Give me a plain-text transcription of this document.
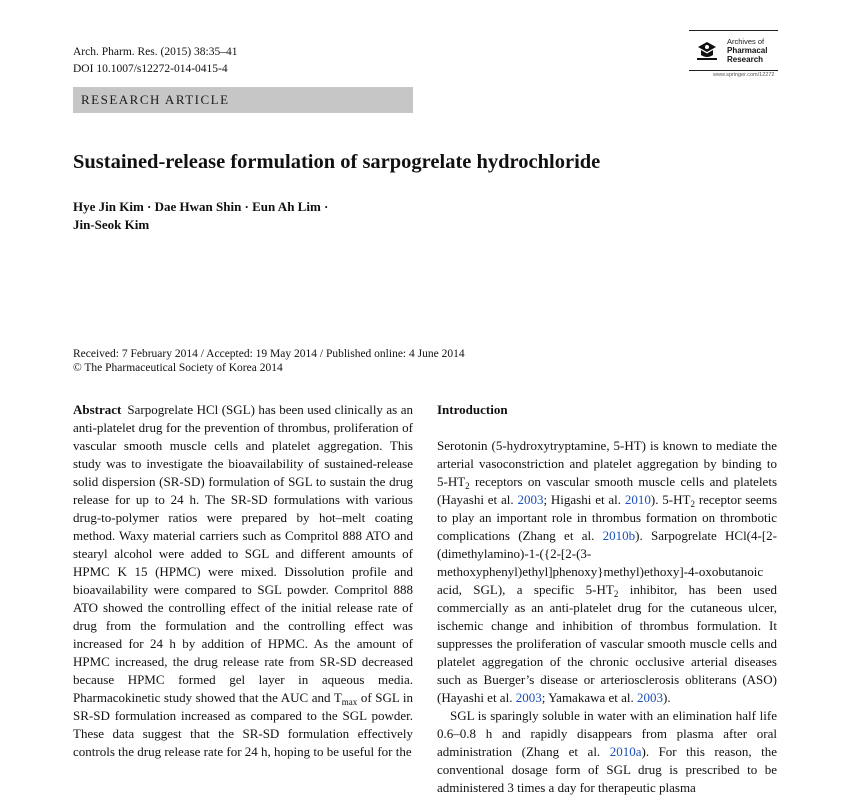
Arch. Pharm. Res. (2015) 38:35–41
DOI 10.1007/s12272-014-0415-4
Archives of
Pharmacal
Research
www.springer.com/12272
RESEARCH ARTICLE
Sustained-release formulation of sarpogrelate hydrochloride
Hye Jin Kim · Dae Hwan Shin · Eun Ah Lim ·
Jin-Seok Kim
Received: 7 February 2014 / Accepted: 19 May 2014 / Published online: 4 June 2014
© The Pharmaceutical Society of Korea 2014

Abstract Sarpogrelate HCl (SGL) has been used clinically as an anti-platelet drug for the prevention of thrombus, proliferation of vascular smooth muscle cells and platelet aggregation. This study was to investigate the bioavailability of sustained-release solid dispersion (SR-SD) formulation of SGL to sustain the drug release for up to 24 h. The SR-SD formulations with various drug-to-polymer ratios were prepared by hot–melt coating method. Waxy material carriers such as Compritol 888 ATO and stearyl alcohol were added to SGL and different amounts of HPMC K 15 (HPMC) were mixed. Dissolution profile and bioavailability were compared to SGL powder. Compritol 888 ATO showed the controlling effect of the initial release rate of drug from the formulation and the controlling effect was increased for 24 h by addition of HPMC. As the amount of HPMC increased, the drug release rate from SR-SD decreased because HPMC formed gel layer in aqueous media. Pharmacokinetic study showed that the AUC and $T_{max}$ of SGL in SR-SD formulation increased as compared to the SGL powder. These data suggest that the SR-SD formulation effectively controls the drug release rate for 24 h, hoping to be useful for the

Introduction

Serotonin (5-hydroxytryptamine, 5-HT) is known to mediate the arterial vasoconstriction and platelet aggregation by binding to $5-HT_2$ receptors on vascular smooth muscle cells and platelets (Hayashi et al. 2003; Higashi et al. 2010). $5-HT_2$ receptor seems to play an important role in thrombus formation on thrombotic complications (Zhang et al. 2010b). Sarpogrelate HCl(4-[2-(dimethylamino)-1-({2-[2-(3-methoxyphenyl)ethyl]phenoxy}methyl)ethoxy]-4-oxobutanoic acid, SGL), a specific $5-HT_2$ inhibitor, has been used commercially as an anti-platelet drug for the cutaneous ulcer, ischemic change and inhibition of thrombus formulation. It suppresses the proliferation of vascular smooth muscle cells and platelet aggregation of the chronic occlusive arterial diseases such as Buerger’s disease or arteriosclerosis obliterans (ASO) (Hayashi et al. 2003; Yamakawa et al. 2003).

SGL is sparingly soluble in water with an elimination half life 0.6–0.8 h and rapidly disappears from plasma after oral administration (Zhang et al. 2010a). For this reason, the conventional dosage form of SGL drug is prescribed to be administered 3 times a day for therapeutic plasma
